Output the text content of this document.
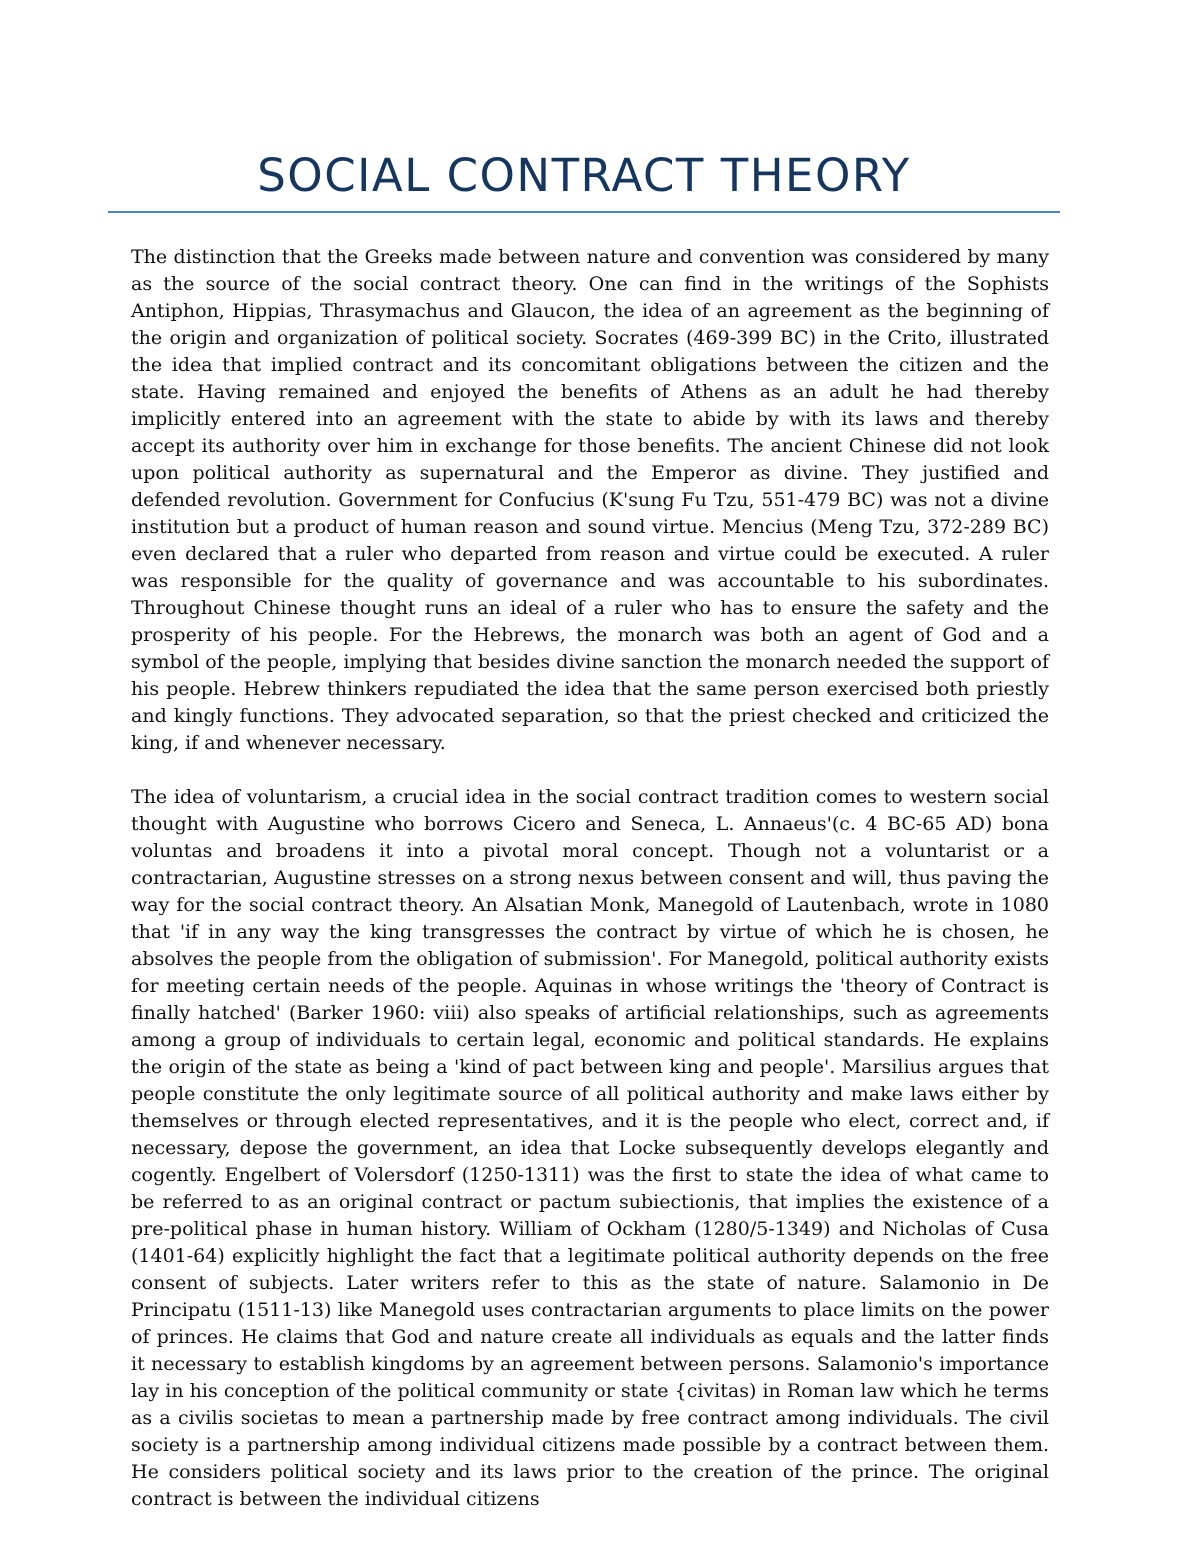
SOCIAL CONTRACT THEORY

The distinction that the Greeks made between nature and convention was considered by many as the source of the social contract theory. One can find in the writings of the Sophists Antiphon, Hippias, Thrasymachus and Glaucon, the idea of an agreement as the beginning of the origin and organization of political society. Socrates (469-399 BC) in the Crito, illustrated the idea that implied contract and its concomitant obligations between the citizen and the state. Having remained and enjoyed the benefits of Athens as an adult he had thereby implicitly entered into an agreement with the state to abide by with its laws and thereby accept its authority over him in exchange for those benefits. The ancient Chinese did not look upon political authority as supernatural and the Emperor as divine. They justified and defended revolution. Government for Confucius (K'sung Fu Tzu, 551-479 BC) was not a divine institution but a product of human reason and sound virtue. Mencius (Meng Tzu, 372-289 BC) even declared that a ruler who departed from reason and virtue could be executed. A ruler was responsible for the quality of governance and was accountable to his subordinates. Throughout Chinese thought runs an ideal of a ruler who has to ensure the safety and the prosperity of his people. For the Hebrews, the monarch was both an agent of God and a symbol of the people, implying that besides divine sanction the monarch needed the support of his people. Hebrew thinkers repudiated the idea that the same person exercised both priestly and kingly functions. They advocated separation, so that the priest checked and criticized the king, if and whenever necessary.

The idea of voluntarism, a crucial idea in the social contract tradition comes to western social thought with Augustine who borrows Cicero and Seneca, L. Annaeus'(c. 4 BC-65 AD) bona voluntas and broadens it into a pivotal moral concept. Though not a voluntarist or a contractarian, Augustine stresses on a strong nexus between consent and will, thus paving the way for the social contract theory. An Alsatian Monk, Manegold of Lautenbach, wrote in 1080 that 'if in any way the king transgresses the contract by virtue of which he is chosen, he absolves the people from the obligation of submission'. For Manegold, political authority exists for meeting certain needs of the people. Aquinas in whose writings the 'theory of Contract is finally hatched' (Barker 1960: viii) also speaks of artificial relationships, such as agreements among a group of individuals to certain legal, economic and political standards. He explains the origin of the state as being a 'kind of pact between king and people'. Marsilius argues that people constitute the only legitimate source of all political authority and make laws either by themselves or through elected representatives, and it is the people who elect, correct and, if necessary, depose the government, an idea that Locke subsequently develops elegantly and cogently. Engelbert of Volersdorf (1250-1311) was the first to state the idea of what came to be referred to as an original contract or pactum subiectionis, that implies the existence of a pre-political phase in human history. William of Ockham (1280/5-1349) and Nicholas of Cusa (1401-64) explicitly highlight the fact that a legitimate political authority depends on the free consent of subjects. Later writers refer to this as the state of nature. Salamonio in De Principatu (1511-13) like Manegold uses contractarian arguments to place limits on the power of princes. He claims that God and nature create all individuals as equals and the latter finds it necessary to establish kingdoms by an agreement between persons. Salamonio's importance lay in his conception of the political community or state {civitas) in Roman law which he terms as a civilis societas to mean a partnership made by free contract among individuals. The civil society is a partnership among individual citizens made possible by a contract between them. He considers political society and its laws prior to the creation of the prince. The original contract is between the individual citizens
